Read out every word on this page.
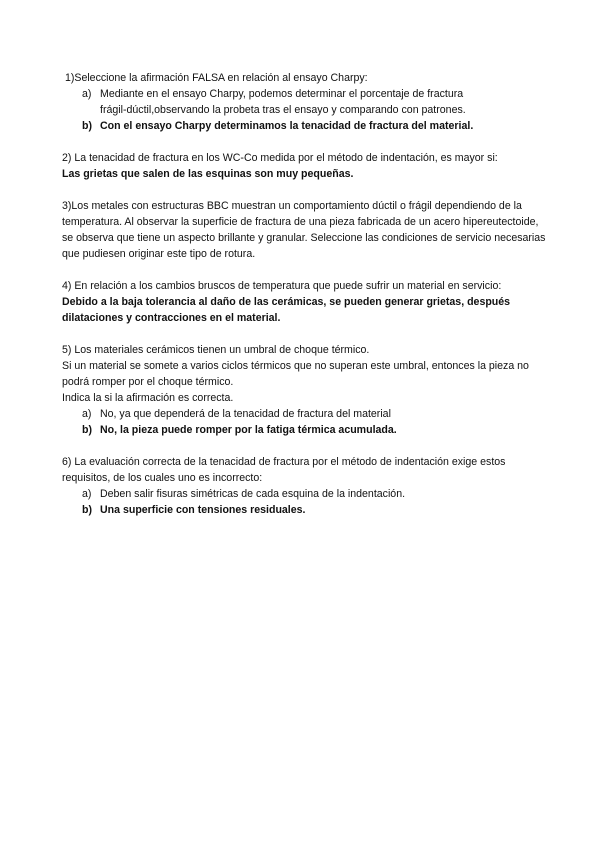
1)Seleccione la afirmación FALSA en relación al ensayo Charpy:
a) Mediante en el ensayo Charpy, podemos determinar el porcentaje de fractura
frágil-dúctil,observando la probeta tras el ensayo y comparando con patrones.
b) Con el ensayo Charpy determinamos la tenacidad de fractura del material.
2) La tenacidad de fractura en los WC-Co medida por el método de indentación, es mayor si:
Las grietas que salen de las esquinas son muy pequeñas.
3)Los metales con estructuras BBC muestran un comportamiento dúctil o frágil dependiendo de la
temperatura. Al observar la superficie de fractura de una pieza fabricada de un acero hipereutectoide,
se observa que tiene un aspecto brillante y granular. Seleccione las condiciones de servicio necesarias
que pudiesen originar este tipo de rotura.
4) En relación a los cambios bruscos de temperatura que puede sufrir un material en servicio:
Debido a la baja tolerancia al daño de las cerámicas, se pueden generar grietas, después
dilataciones y contracciones en el material.
5) Los materiales cerámicos tienen un umbral de choque térmico.
Si un material se somete a varios ciclos térmicos que no superan este umbral, entonces la pieza no
podrá romper por el choque térmico.
Indica la si la afirmación es correcta.
a) No, ya que dependerá de la tenacidad de fractura del material
b) No, la pieza puede romper por la fatiga térmica acumulada.
6) La evaluación correcta de la tenacidad de fractura por el método de indentación exige estos
requisitos, de los cuales uno es incorrecto:
a) Deben salir fisuras simétricas de cada esquina de la indentación.
b) Una superficie con tensiones residuales.
